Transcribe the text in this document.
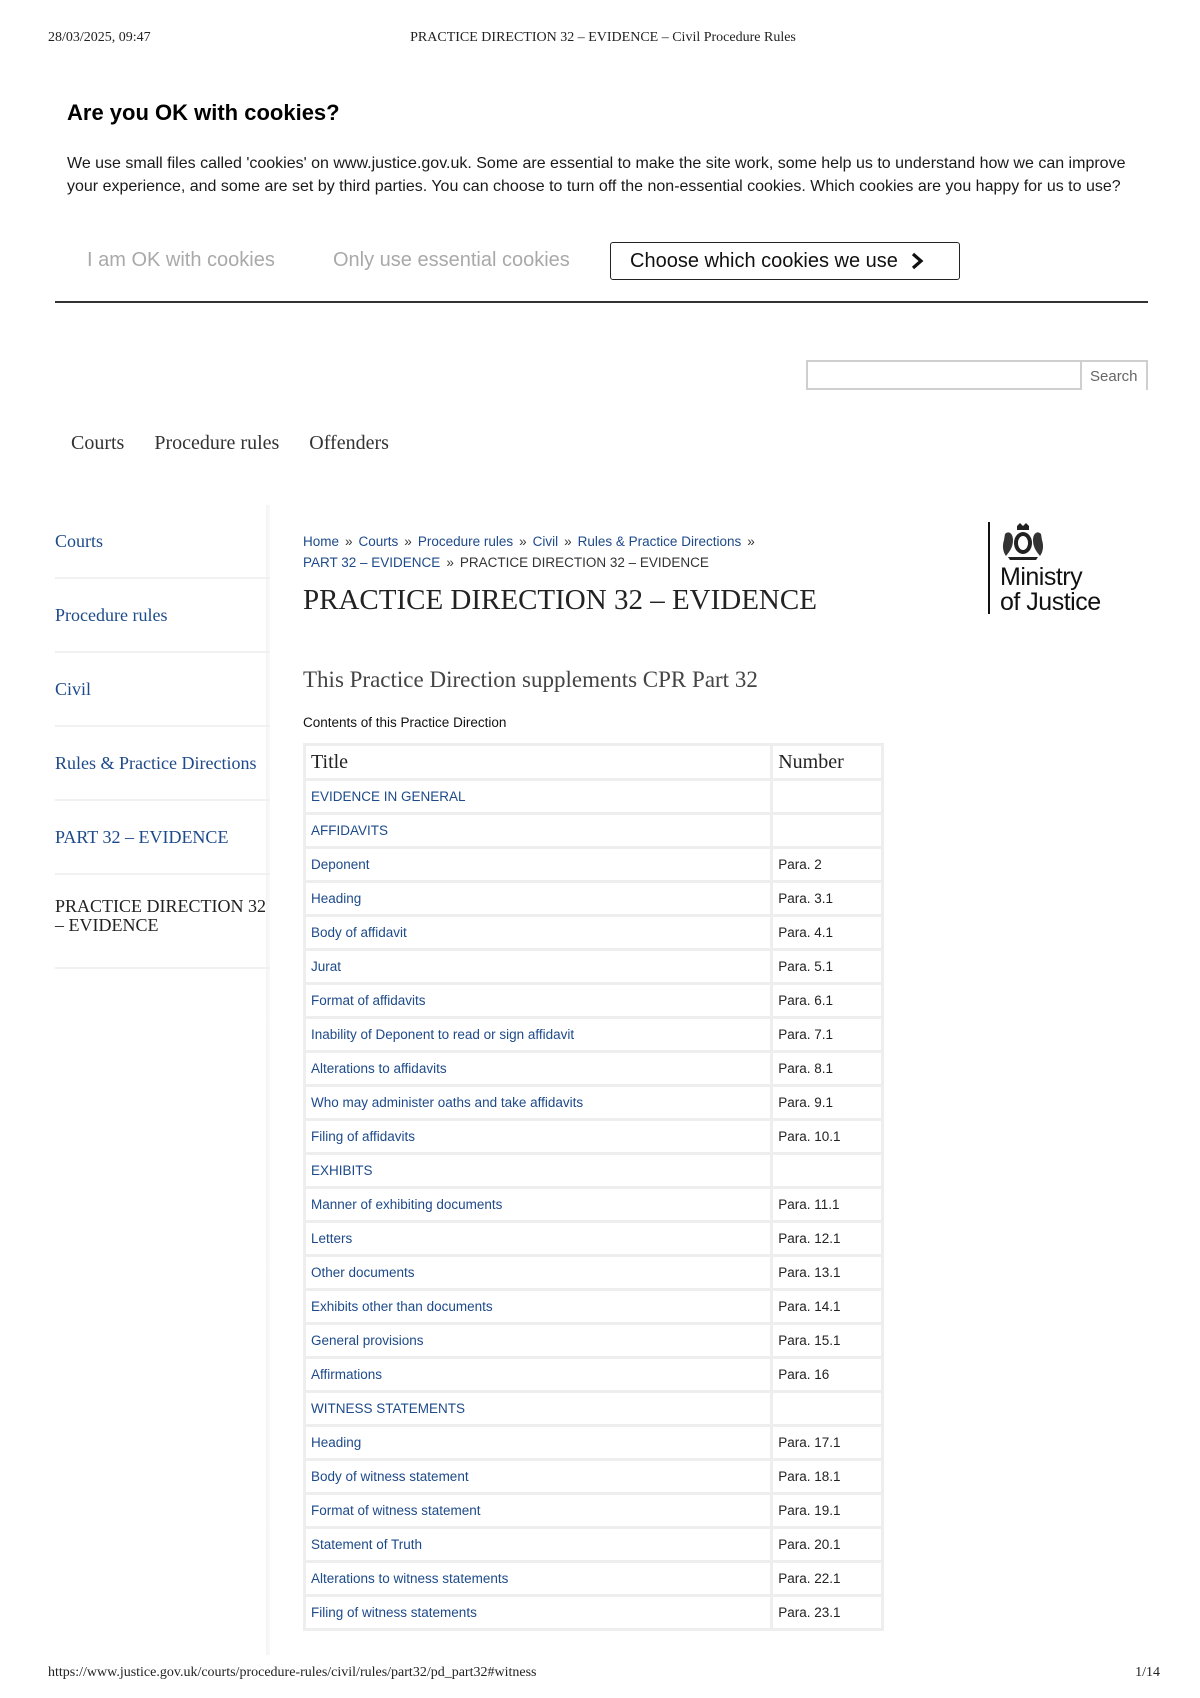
28/03/2025, 09:47	PRACTICE DIRECTION 32 – EVIDENCE – Civil Procedure Rules
Are you OK with cookies?

We use small files called 'cookies' on www.justice.gov.uk. Some are essential to make the site work, some help us to understand how we can improve your experience, and some are set by third parties. You can choose to turn off the non-essential cookies. Which cookies are you happy for us to use?

I am OK with cookies	Only use essential cookies	Choose which cookies we use
Search
Courts Procedure rules Offenders
Courts
Procedure rules
Civil
Rules & Practice Directions
PART 32 – EVIDENCE
PRACTICE DIRECTION 32 – EVIDENCE
Home » Courts » Procedure rules » Civil » Rules & Practice Directions »
PART 32 – EVIDENCE » PRACTICE DIRECTION 32 – EVIDENCE
PRACTICE DIRECTION 32 – EVIDENCE
Ministry
of Justice
This Practice Direction supplements CPR Part 32
Contents of this Practice Direction
Title	Number
EVIDENCE IN GENERAL	
AFFIDAVITS	
Deponent	Para. 2
Heading	Para. 3.1
Body of affidavit	Para. 4.1
Jurat	Para. 5.1
Format of affidavits	Para. 6.1
Inability of Deponent to read or sign affidavit	Para. 7.1
Alterations to affidavits	Para. 8.1
Who may administer oaths and take affidavits	Para. 9.1
Filing of affidavits	Para. 10.1
EXHIBITS	
Manner of exhibiting documents	Para. 11.1
Letters	Para. 12.1
Other documents	Para. 13.1
Exhibits other than documents	Para. 14.1
General provisions	Para. 15.1
Affirmations	Para. 16
WITNESS STATEMENTS	
Heading	Para. 17.1
Body of witness statement	Para. 18.1
Format of witness statement	Para. 19.1
Statement of Truth	Para. 20.1
Alterations to witness statements	Para. 22.1
Filing of witness statements	Para. 23.1
https://www.justice.gov.uk/courts/procedure-rules/civil/rules/part32/pd_part32#witness	1/14
